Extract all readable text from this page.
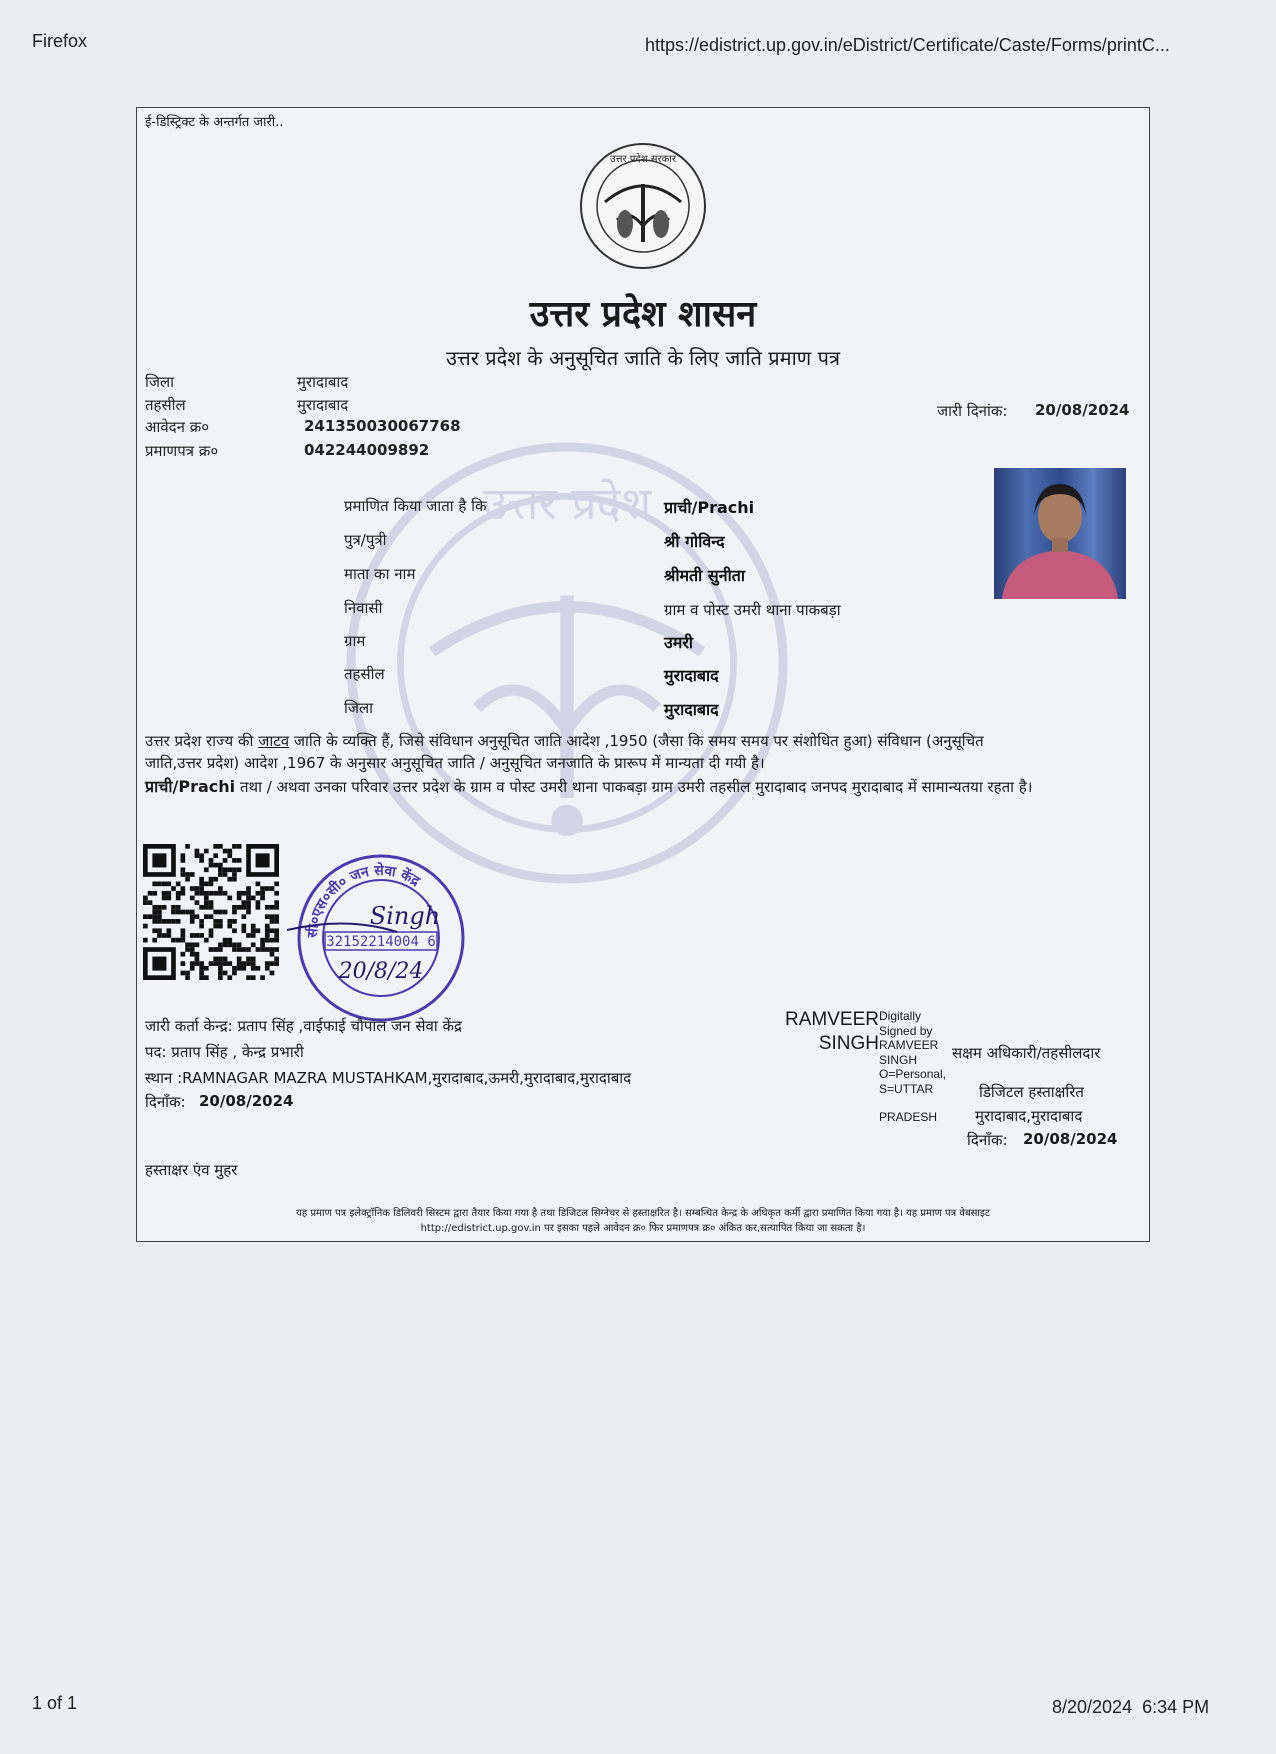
Firefox	https://edistrict.up.gov.in/eDistrict/Certificate/Caste/Forms/printC...
1 of 1	8/20/2024  6:34 PM
उत्तर प्रदेश
ई-डिस्ट्रिक्ट के अन्तर्गत जारी..
उत्तर प्रदेश सरकार
उत्तर प्रदेश शासन
उत्तर प्रदेश के अनुसूचित जाति के लिए जाति प्रमाण पत्र
जिला	मुरादाबाद
तहसील	मुरादाबाद
आवेदन क्र०	241350030067768
प्रमाणपत्र क्र०	042244009892
जारी दिनांक: 20/08/2024
प्रमाणित किया जाता है कि	प्राची/Prachi
पुत्र/पुत्री	श्री गोविन्द
माता का नाम	श्रीमती सुनीता
निवासी	ग्राम व पोस्ट उमरी थाना पाकबड़ा
ग्राम	उमरी
तहसील	मुरादाबाद
जिला	मुरादाबाद
उत्तर प्रदेश राज्य की जाटव जाति के व्यक्ति हैं, जिसे संविधान अनुसूचित जाति आदेश ,1950 (जैसा कि समय समय पर संशोधित हुआ) संविधान (अनुसूचित जाति,उत्तर प्रदेश) आदेश ,1967 के अनुसार अनुसूचित जाति / अनुसूचित जनजाति के प्रारूप में मान्यता दी गयी है।
प्राची/Prachi तथा / अथवा उनका परिवार उत्तर प्रदेश के ग्राम व पोस्ट उमरी थाना पाकबड़ा ग्राम उमरी तहसील मुरादाबाद जनपद मुरादाबाद में सामान्यतया रहता है।
सी०एस०सी० जन सेवा केंद्र
32152214004 6
20/8/24
Singh
जारी कर्ता केन्द्र: प्रताप सिंह ,वाईफाई चौपाल जन सेवा केंद्र
पद: प्रताप सिंह , केन्द्र प्रभारी
स्थान :RAMNAGAR MAZRA MUSTAHKAM,मुरादाबाद,ऊमरी,मुरादाबाद,मुरादाबाद
दिनाँक: 20/08/2024
RAMVEER
SINGH
Digitally
Signed by
RAMVEER
SINGH
O=Personal,
S=UTTAR
PRADESH
सक्षम अधिकारी/तहसीलदार
डिजिटल हस्ताक्षरित
मुरादाबाद,मुरादाबाद
दिनाँक: 20/08/2024
हस्ताक्षर एंव मुहर
यह प्रमाण पत्र इलेक्ट्रॉनिक डिलिवरी सिस्टम द्वारा तैयार किया गया है तथा डिजिटल सिग्नेचर से हस्ताक्षरित है। सम्बन्धित केन्द्र के अधिकृत कर्मी द्वारा प्रमाणित किया गया है। यह प्रमाण पत्र वेबसाइट
http://edistrict.up.gov.in पर इसका पहले आवेदन क्र० फिर प्रमाणपत्र क्र० अंकित कर,सत्यापित किया जा सकता है।
